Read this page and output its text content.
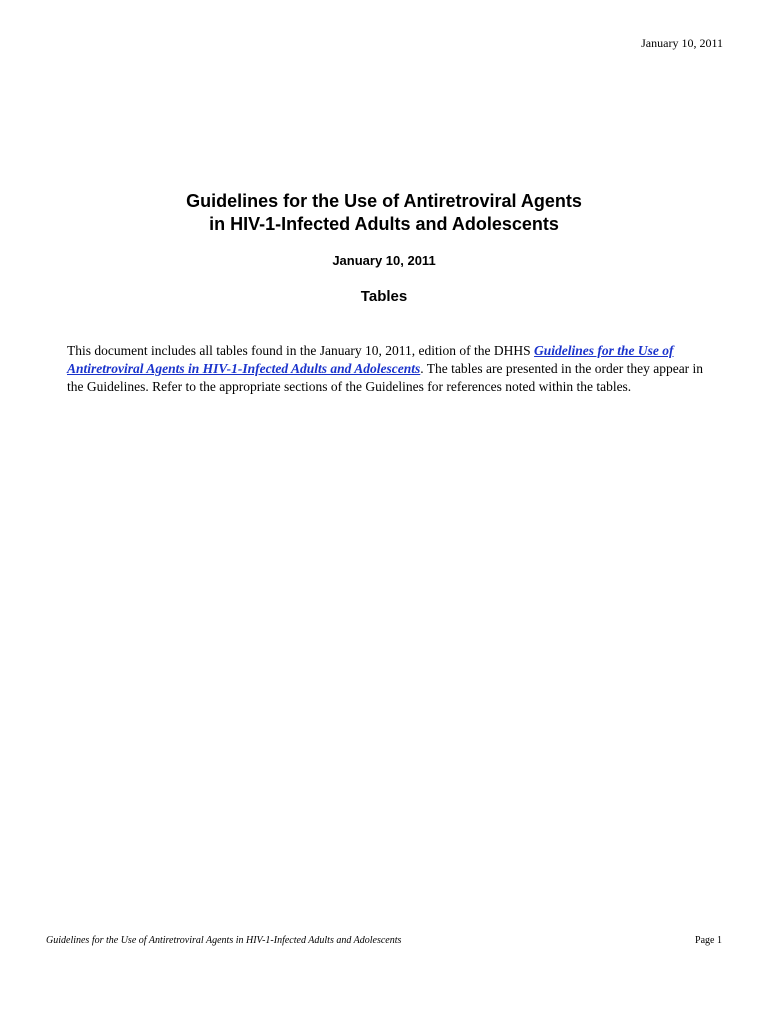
January 10, 2011
Guidelines for the Use of Antiretroviral Agents
in HIV-1-Infected Adults and Adolescents
January 10, 2011
Tables

This document includes all tables found in the January 10, 2011, edition of the DHHS Guidelines for the Use of Antiretroviral Agents in HIV-1-Infected Adults and Adolescents. The tables are presented in the order they appear in the Guidelines. Refer to the appropriate sections of the Guidelines for references noted within the tables.

Guidelines for the Use of Antiretroviral Agents in HIV-1-Infected Adults and Adolescents	Page 1
